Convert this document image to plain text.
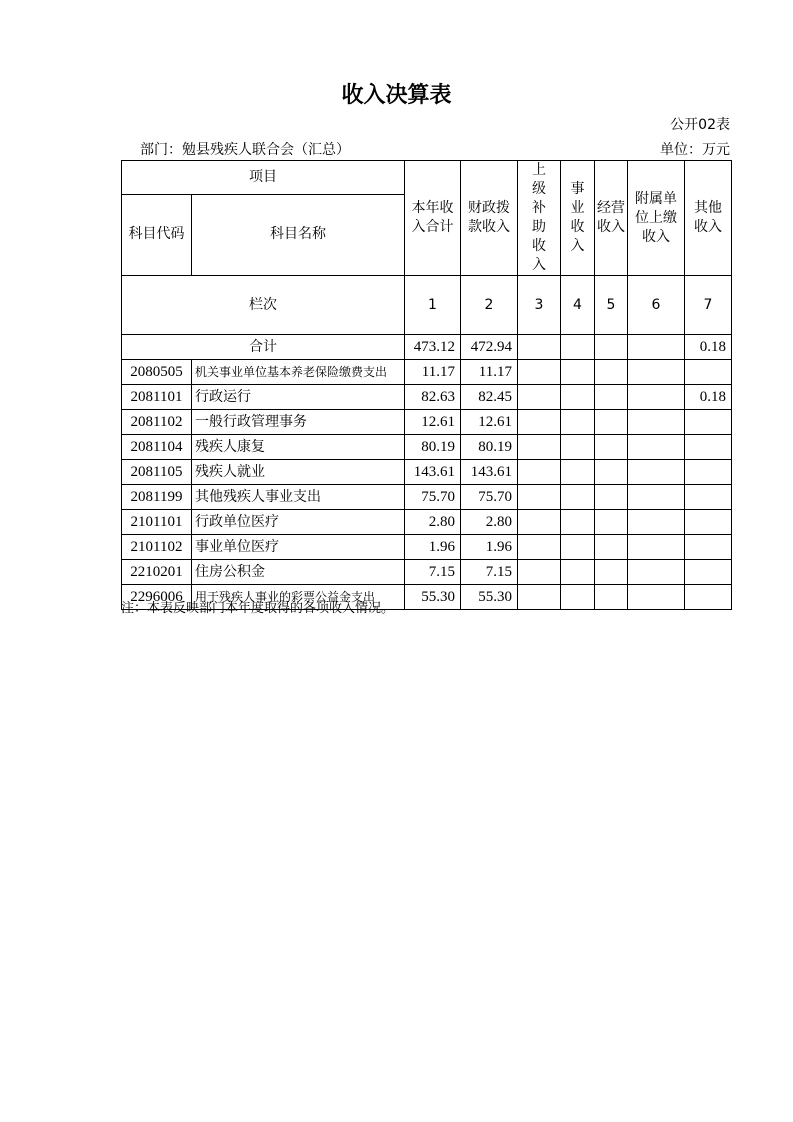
收入决算表
公开02表
部门：勉县残疾人联合会（汇总）	单位：万元
项目		本年收入合计	财政拨款收入	上级补助收入	事业收入	经营收入	附属单位上缴收入	其他收入
科目代码	科目名称							
栏次		1	2	3	4	5	6	7
合计		473.12	472.94					0.18
2080505	机关事业单位基本养老保险缴费支出	11.17	11.17					
2081101	行政运行	82.63	82.45					0.18
2081102	一般行政管理事务	12.61	12.61					
2081104	残疾人康复	80.19	80.19					
2081105	残疾人就业	143.61	143.61					
2081199	其他残疾人事业支出	75.70	75.70					
2101101	行政单位医疗	2.80	2.80					
2101102	事业单位医疗	1.96	1.96					
2210201	住房公积金	7.15	7.15					
2296006	用于残疾人事业的彩票公益金支出	55.30	55.30					
注：本表反映部门本年度取得的各项收入情况。
